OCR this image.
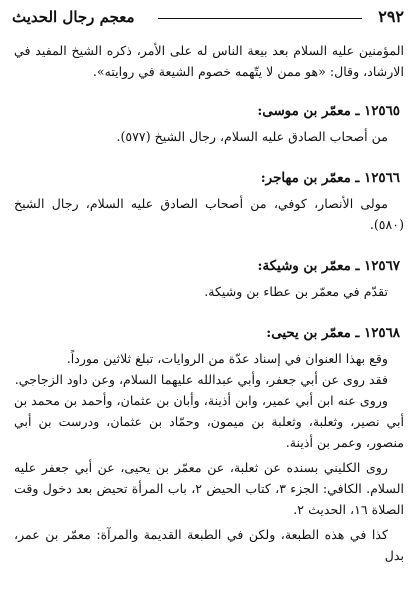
٢٩٢
معجم رجال الحديث

المؤمنين عليه السلام بعد بيعة الناس له على الأمر، ذكره الشيخ المفيد في الارشاد، وقال: «هو ممن لا يتّهمه خصوم الشيعة في روايته».

١٢٥٦٥ ـ معمّر بن موسى:

من أصحاب الصادق عليه السلام، رجال الشيخ (٥٧٧).

١٢٥٦٦ ـ معمّر بن مهاجر:

مولى الأنصار، كوفي، من أصحاب الصادق عليه السلام، رجال الشيخ (٥٨٠).

١٢٥٦٧ ـ معمّر بن وشيكة:

تقدّم في معمّر بن عطاء بن وشيكة.

١٢٥٦٨ ـ معمّر بن يحيى:

وقع بهذا العنوان في إسناد عدّة من الروايات، تبلغ ثلاثين مورداً.

فقد روى عن أبي جعفر، وأبي عبدالله عليهما السلام، وعن داود الزجاجي.

وروى عنه ابن أبي عمير، وابن أذينة، وأبان بن عثمان، وأحمد بن محمد بن أبي نصير، وثعلبة، وثعلبة بن ميمون، وحمّاد بن عثمان، ودرست بن أبي منصور، وعمر بن أذينة.

روى الكليني بسنده عن ثعلبة، عن معمّر بن يحيى، عن أبي جعفر عليه السلام. الكافي: الجزء ٣، كتاب الحيض ٢، باب المرأة تحيض بعد دخول وقت الصلاة ١٦، الحديث ٢.

كذا في هذه الطبعة، ولكن في الطبعة القديمة والمرآة: معمّر بن عمر، بدل
